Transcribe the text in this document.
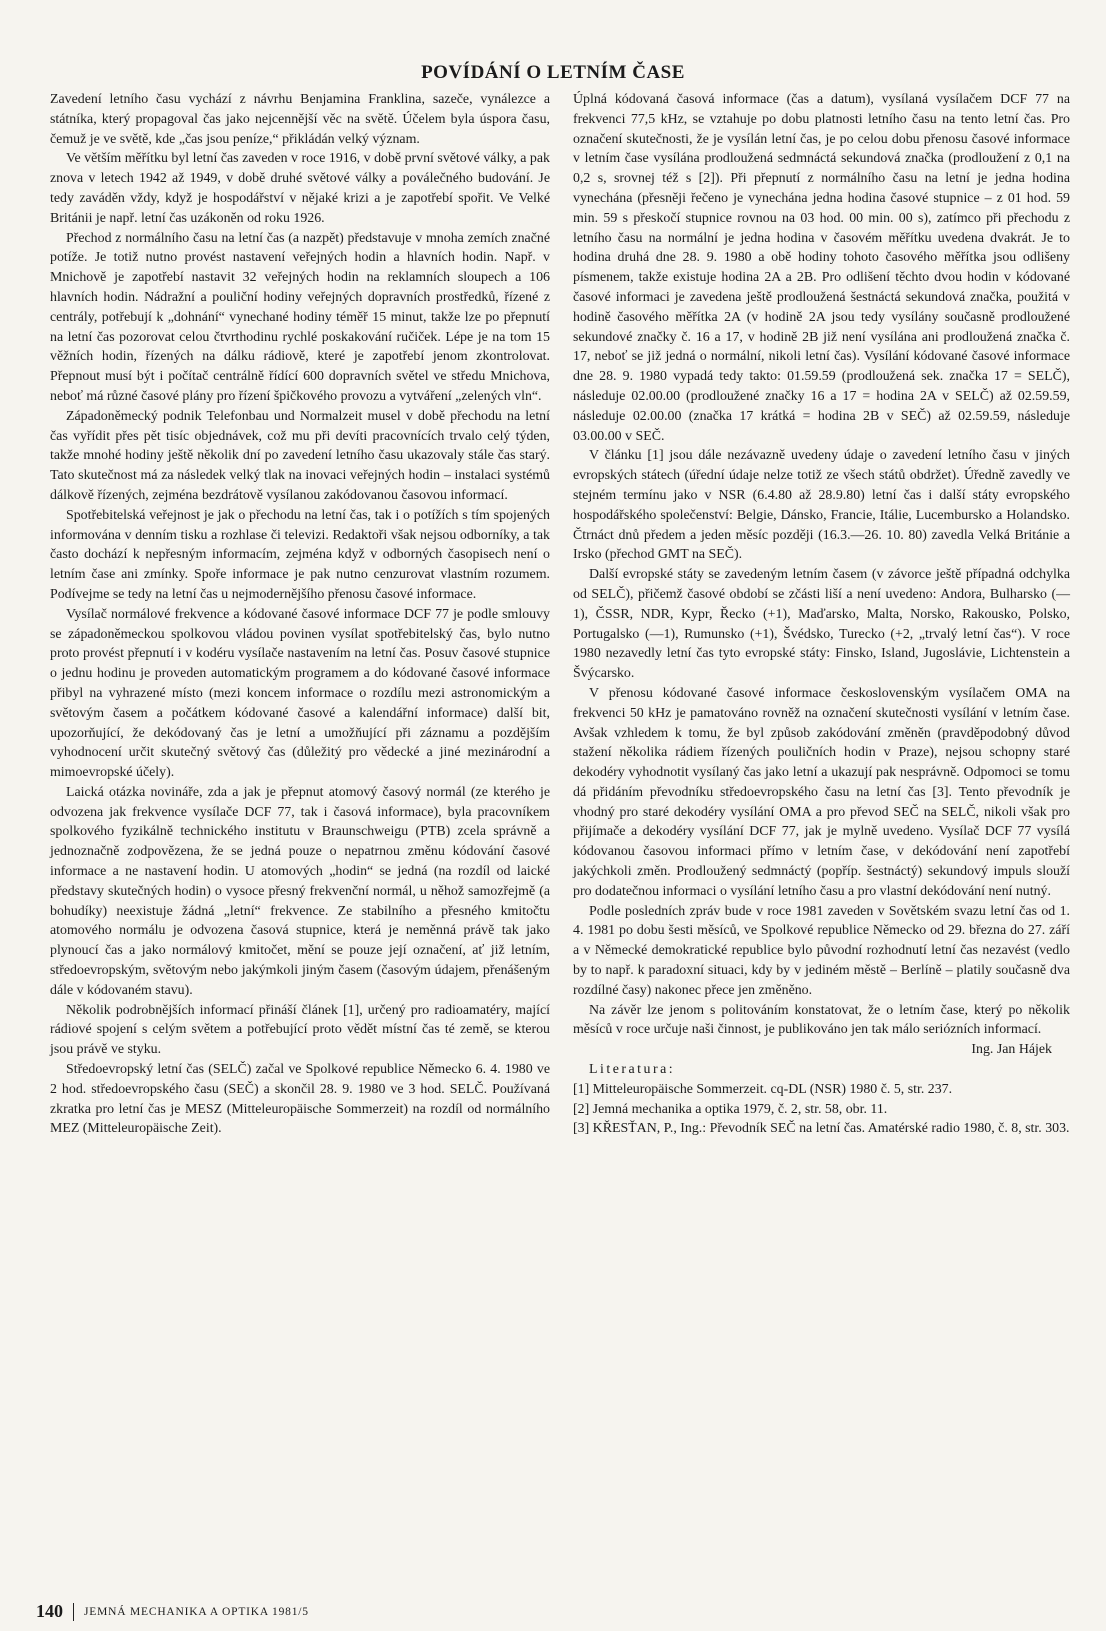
POVÍDÁNÍ O LETNÍM ČASE

Zavedení letního času vychází z návrhu Benjamina Franklina, sazeče, vynálezce a státníka, který propagoval čas jako nejcennější věc na světě. Účelem byla úspora času, čemuž je ve světě, kde „čas jsou peníze,“ přikládán velký význam.

Ve větším měřítku byl letní čas zaveden v roce 1916, v době první světové války, a pak znova v letech 1942 až 1949, v době druhé světové války a poválečného budování. Je tedy zaváděn vždy, když je hospodářství v nějaké krizi a je zapotřebí spořit. Ve Velké Británii je např. letní čas uzákoněn od roku 1926.

Přechod z normálního času na letní čas (a nazpět) představuje v mnoha zemích značné potíže. Je totiž nutno provést nastavení veřejných hodin a hlavních hodin. Např. v Mnichově je zapotřebí nastavit 32 veřejných hodin na reklamních sloupech a 106 hlavních hodin. Nádražní a pouliční hodiny veřejných dopravních prostředků, řízené z centrály, potřebují k „dohnání“ vynechané hodiny téměř 15 minut, takže lze po přepnutí na letní čas pozorovat celou čtvrthodinu rychlé poskakování ručiček. Lépe je na tom 15 věžních hodin, řízených na dálku rádiově, které je zapotřebí jenom zkontrolovat. Přepnout musí být i počítač centrálně řídící 600 dopravních světel ve středu Mnichova, neboť má různé časové plány pro řízení špičkového provozu a vytváření „zelených vln“.

Západoněmecký podnik Telefonbau und Normalzeit musel v době přechodu na letní čas vyřídit přes pět tisíc objednávek, což mu při devíti pracovnících trvalo celý týden, takže mnohé hodiny ještě několik dní po zavedení letního času ukazovaly stále čas starý. Tato skutečnost má za následek velký tlak na inovaci veřejných hodin – instalaci systémů dálkově řízených, zejména bezdrátově vysílanou zakódovanou časovou informací.

Spotřebitelská veřejnost je jak o přechodu na letní čas, tak i o potížích s tím spojených informována v denním tisku a rozhlase či televizi. Redaktoři však nejsou odborníky, a tak často dochází k nepřesným informacím, zejména když v odborných časopisech není o letním čase ani zmínky. Spoře informace je pak nutno cenzurovat vlastním rozumem. Podívejme se tedy na letní čas u nejmodernějšího přenosu časové informace.

Vysílač normálové frekvence a kódované časové informace DCF 77 je podle smlouvy se západoněmeckou spolkovou vládou povinen vysílat spotřebitelský čas, bylo nutno proto provést přepnutí i v kodéru vysílače nastavením na letní čas. Posuv časové stupnice o jednu hodinu je proveden automatickým programem a do kódované časové informace přibyl na vyhrazené místo (mezi koncem informace o rozdílu mezi astronomickým a světovým časem a počátkem kódované časové a kalendářní informace) další bit, upozorňující, že dekódovaný čas je letní a umožňující při záznamu a pozdějším vyhodnocení určit skutečný světový čas (důležitý pro vědecké a jiné mezinárodní a mimoevropské účely).

Laická otázka novináře, zda a jak je přepnut atomový časový normál (ze kterého je odvozena jak frekvence vysílače DCF 77, tak i časová informace), byla pracovníkem spolkového fyzikálně technického institutu v Braunschweigu (PTB) zcela správně a jednoznačně zodpovězena, že se jedná pouze o nepatrnou změnu kódování časové informace a ne nastavení hodin. U atomových „hodin“ se jedná (na rozdíl od laické představy skutečných hodin) o vysoce přesný frekvenční normál, u něhož samozřejmě (a bohudíky) neexistuje žádná „letní“ frekvence. Ze stabilního a přesného kmitočtu atomového normálu je odvozena časová stupnice, která je neměnná právě tak jako plynoucí čas a jako normálový kmitočet, mění se pouze její označení, ať již letním, středoevropským, světovým nebo jakýmkoli jiným časem (časovým údajem, přenášeným dále v kódovaném stavu).

Několik podrobnějších informací přináší článek [1], určený pro radioamatéry, mající rádiové spojení s celým světem a potřebující proto vědět místní čas té země, se kterou jsou právě ve styku.

Středoevropský letní čas (SELČ) začal ve Spolkové republice Německo 6. 4. 1980 ve 2 hod. středoevropského času (SEČ) a skončil 28. 9. 1980 ve 3 hod. SELČ. Používaná zkratka pro letní čas je MESZ (Mitteleuropäische Sommerzeit) na rozdíl od normálního MEZ (Mitteleuropäische Zeit).

Úplná kódovaná časová informace (čas a datum), vysílaná vysílačem DCF 77 na frekvenci 77,5 kHz, se vztahuje po dobu platnosti letního času na tento letní čas. Pro označení skutečnosti, že je vysílán letní čas, je po celou dobu přenosu časové informace v letním čase vysílána prodloužená sedmnáctá sekundová značka (prodloužení z 0,1 na 0,2 s, srovnej též s [2]). Při přepnutí z normálního času na letní je jedna hodina vynechána (přesněji řečeno je vynechána jedna hodina časové stupnice – z 01 hod. 59 min. 59 s přeskočí stupnice rovnou na 03 hod. 00 min. 00 s), zatímco při přechodu z letního času na normální je jedna hodina v časovém měřítku uvedena dvakrát. Je to hodina druhá dne 28. 9. 1980 a obě hodiny tohoto časového měřítka jsou odlišeny písmenem, takže existuje hodina 2A a 2B. Pro odlišení těchto dvou hodin v kódované časové informaci je zavedena ještě prodloužená šestnáctá sekundová značka, použitá v hodině časového měřítka 2A (v hodině 2A jsou tedy vysílány současně prodloužené sekundové značky č. 16 a 17, v hodině 2B již není vysílána ani prodloužená značka č. 17, neboť se již jedná o normální, nikoli letní čas). Vysílání kódované časové informace dne 28. 9. 1980 vypadá tedy takto: 01.59.59 (prodloužená sek. značka 17 = SELČ), následuje 02.00.00 (prodloužené značky 16 a 17 = hodina 2A v SELČ) až 02.59.59, následuje 02.00.00 (značka 17 krátká = hodina 2B v SEČ) až 02.59.59, následuje 03.00.00 v SEČ.

V článku [1] jsou dále nezávazně uvedeny údaje o zavedení letního času v jiných evropských státech (úřední údaje nelze totiž ze všech států obdržet). Úředně zavedly ve stejném termínu jako v NSR (6.4.80 až 28.9.80) letní čas i další státy evropského hospodářského společenství: Belgie, Dánsko, Francie, Itálie, Lucembursko a Holandsko. Čtrnáct dnů předem a jeden měsíc později (16.3.—26. 10. 80) zavedla Velká Británie a Irsko (přechod GMT na SEČ).

Další evropské státy se zavedeným letním časem (v závorce ještě případná odchylka od SELČ), přičemž časové období se zčásti liší a není uvedeno: Andora, Bulharsko (—1), ČSSR, NDR, Kypr, Řecko (+1), Maďarsko, Malta, Norsko, Rakousko, Polsko, Portugalsko (—1), Rumunsko (+1), Švédsko, Turecko (+2, „trvalý letní čas“). V roce 1980 nezavedly letní čas tyto evropské státy: Finsko, Island, Jugoslávie, Lichtenstein a Švýcarsko.

V přenosu kódované časové informace československým vysílačem OMA na frekvenci 50 kHz je pamatováno rovněž na označení skutečnosti vysílání v letním čase. Avšak vzhledem k tomu, že byl způsob zakódování změněn (pravděpodobný důvod stažení několika rádiem řízených pouličních hodin v Praze), nejsou schopny staré dekodéry vyhodnotit vysílaný čas jako letní a ukazují pak nesprávně. Odpomoci se tomu dá přidáním převodníku středoevropského času na letní čas [3]. Tento převodník je vhodný pro staré dekodéry vysílání OMA a pro převod SEČ na SELČ, nikoli však pro přijímače a dekodéry vysílání DCF 77, jak je mylně uvedeno. Vysílač DCF 77 vysílá kódovanou časovou informaci přímo v letním čase, v dekódování není zapotřebí jakýchkoli změn. Prodloužený sedmnáctý (popříp. šestnáctý) sekundový impuls slouží pro dodatečnou informaci o vysílání letního času a pro vlastní dekódování není nutný.

Podle posledních zpráv bude v roce 1981 zaveden v Sovětském svazu letní čas od 1. 4. 1981 po dobu šesti měsíců, ve Spolkové republice Německo od 29. března do 27. září a v Německé demokratické republice bylo původní rozhodnutí letní čas nezavést (vedlo by to např. k paradoxní situaci, kdy by v jediném městě – Berlíně – platily současně dva rozdílné časy) nakonec přece jen změněno.

Na závěr lze jenom s politováním konstatovat, že o letním čase, který po několik měsíců v roce určuje naši činnost, je publikováno jen tak málo seriózních informací.

Ing. Jan Hájek

Literatura:

[1] Mitteleuropäische Sommerzeit. cq-DL (NSR) 1980 č. 5, str. 237.
[2] Jemná mechanika a optika 1979, č. 2, str. 58, obr. 11.
[3] KŘESŤAN, P., Ing.: Převodník SEČ na letní čas. Amatérské radio 1980, č. 8, str. 303.
140 JEMNÁ MECHANIKA A OPTIKA 1981/5
